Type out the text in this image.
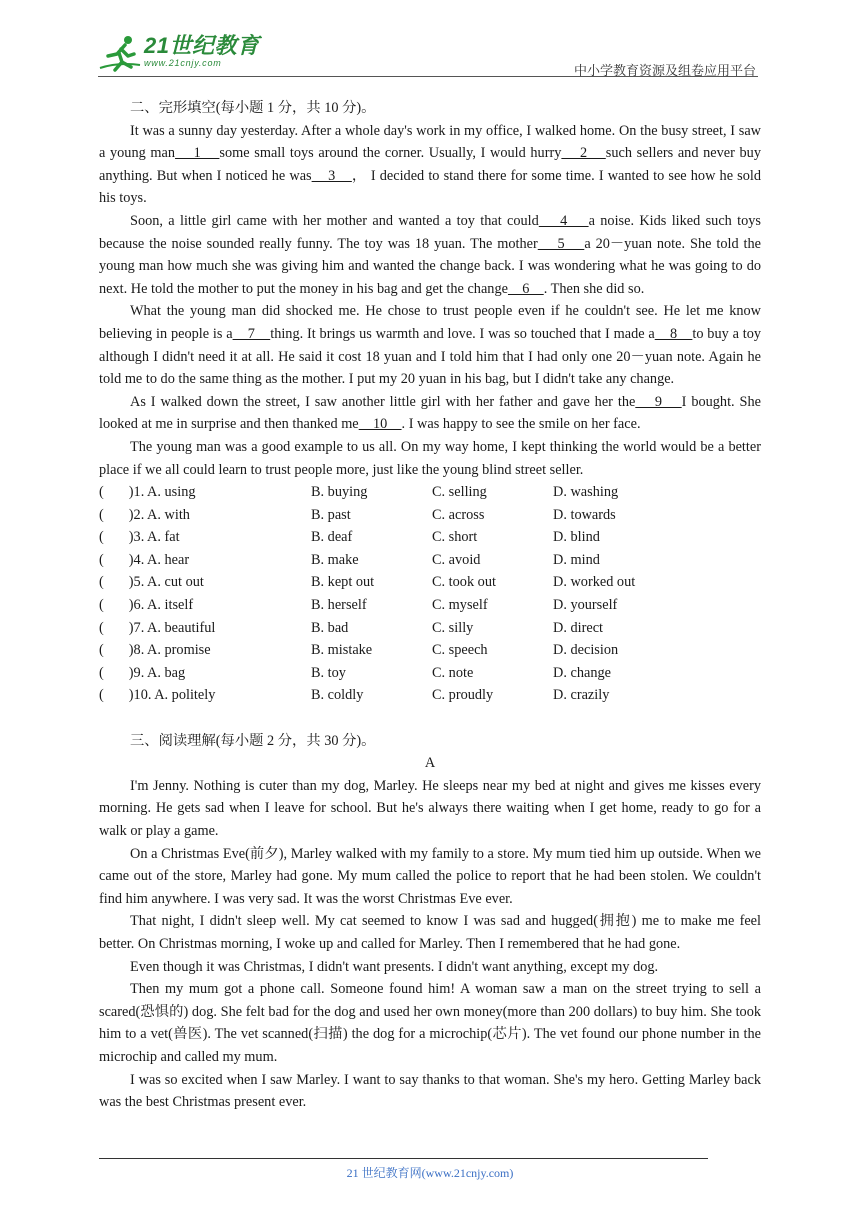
21世纪教育
www.21cnjy.com	中小学教育资源及组卷应用平台
二、完形填空(每小题 1 分，共 10 分)。

It was a sunny day yesterday. After a whole day's work in my office, I walked home. On the busy street, I saw a young man    1    some small toys around the corner. Usually, I would hurry    2    such sellers and never buy anything. But when I noticed he was    3    ， I decided to stand there for some time. I wanted to see how he sold his toys.

Soon, a little girl came with her mother and wanted a toy that could    4    a noise. Kids liked such toys because the noise sounded really funny. The toy was 18 yuan. The mother    5    a 20－yuan note. She told the young man how much she was giving him and wanted the change back. I was wondering what he was going to do next. He told the mother to put the money in his bag and get the change    6    . Then she did so.

What the young man did shocked me. He chose to trust people even if he couldn't see. He let me know believing in people is a    7    thing. It brings us warmth and love. I was so touched that I made a    8    to buy a toy although I didn't need it at all. He said it cost 18 yuan and I told him that I had only one 20－yuan note. Again he told me to do the same thing as the mother. I put my 20 yuan in his bag, but I didn't take any change.

As I walked down the street, I saw another little girl with her father and gave her the    9    I bought. She looked at me in surprise and then thanked me    10    . I was happy to see the smile on her face.

The young man was a good example to us all. On my way home, I kept thinking the world would be a better place if we all could learn to trust people more, just like the young blind street seller.

(       )1. A. using	B. buying	C. selling	D. washing
(       )2. A. with	B. past	C. across	D. towards
(       )3. A. fat	B. deaf	C. short	D. blind
(       )4. A. hear	B. make	C. avoid	D. mind
(       )5. A. cut out	B. kept out	C. took out	D. worked out
(       )6. A. itself	B. herself	C. myself	D. yourself
(       )7. A. beautiful	B. bad	C. silly	D. direct
(       )8. A. promise	B. mistake	C. speech	D. decision
(       )9. A. bag	B. toy	C. note	D. change
(       )10. A. politely	B. coldly	C. proudly	D. crazily
三、阅读理解(每小题 2 分，共 30 分)。
A

I'm Jenny. Nothing is cuter than my dog, Marley. He sleeps near my bed at night and gives me kisses every morning. He gets sad when I leave for school. But he's always there waiting when I get home, ready to go for a walk or play a game.

On a Christmas Eve(前夕), Marley walked with my family to a store. My mum tied him up outside. When we came out of the store, Marley had gone. My mum called the police to report that he had been stolen. We couldn't find him anywhere. I was very sad. It was the worst Christmas Eve ever.

That night, I didn't sleep well. My cat seemed to know I was sad and hugged(拥抱) me to make me feel better. On Christmas morning, I woke up and called for Marley. Then I remembered that he had gone.

Even though it was Christmas, I didn't want presents. I didn't want anything, except my dog.

Then my mum got a phone call. Someone found him! A woman saw a man on the street trying to sell a scared(恐惧的) dog. She felt bad for the dog and used her own money(more than 200 dollars) to buy him. She took him to a vet(兽医). The vet scanned(扫描) the dog for a microchip(芯片). The vet found our phone number in the microchip and called my mum.

I was so excited when I saw Marley. I want to say thanks to that woman. She's my hero. Getting Marley back was the best Christmas present ever.

21 世纪教育网(www.21cnjy.com)
